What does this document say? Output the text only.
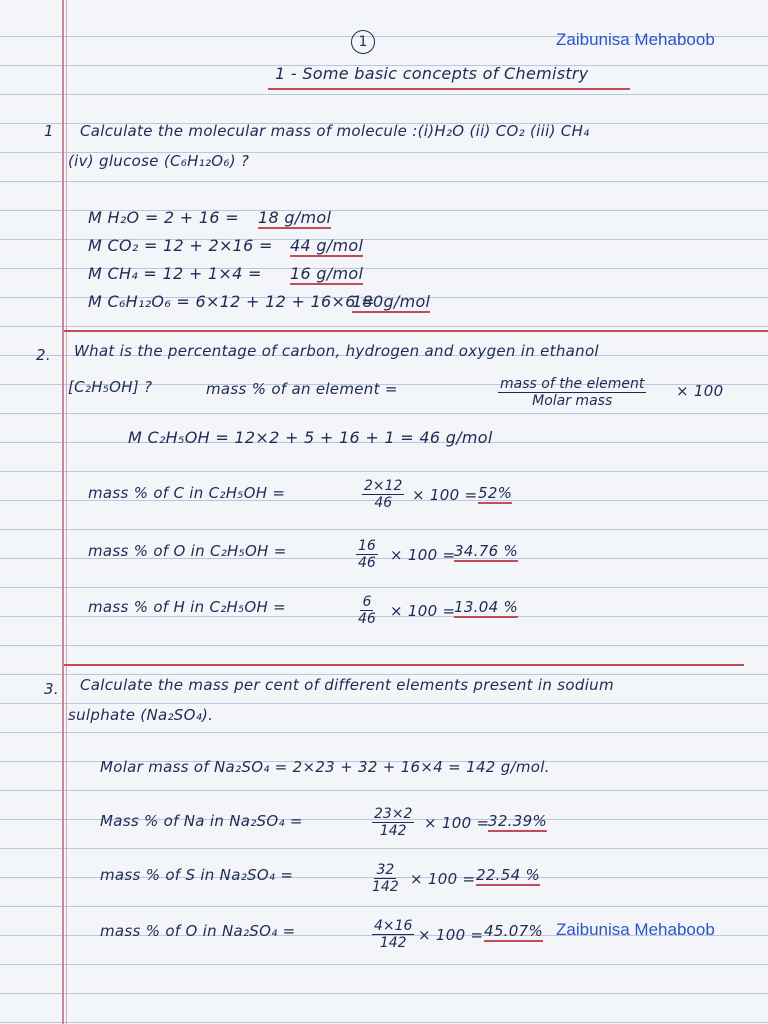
1	Zaibunisa Mehaboob
1 - Some basic concepts of Chemistry
1 Calculate the molecular mass of molecule :(i)H₂O (ii) CO₂ (iii) CH₄
(iv) glucose (C₆H₁₂O₆) ?
M H₂O = 2 + 16 = 18 g/mol
M CO₂ = 12 + 2×16 = 44 g/mol
M CH₄ = 12 + 1×4 = 16 g/mol
M C₆H₁₂O₆ = 6×12 + 12 + 16×6 =
180g/mol
2. What is the percentage of carbon, hydrogen and oxygen in ethanol
[C₂H₅OH] ?	mass % of an element =	mass of the element
Molar mass
× 100
M C₂H₅OH = 12×2 + 5 + 16 + 1 = 46 g/mol
mass % of C in C₂H₅OH =	$\frac{2\times 12}{46} \times 100 = 52\%$
mass % of O in C₂H₅OH =	$\frac{16}{46} \times 100$ =
34.76 %
mass % of H in C₂H₅OH =	$\frac{6}{46} \times 100$ =
13.04 %
3. Calculate the mass per cent of different elements present in sodium
sulphate (Na₂SO₄).
Molar mass of Na₂SO₄ = 2×23 + 32 + 16×4 = 142 g/mol.
Mass % of Na in Na₂SO₄ =	$\frac{23\times 2}{142} \times 100$ =
32.39%
mass % of S in Na₂SO₄ =	$\frac{32}{142} \times 100 = 22.54$ %
mass % of O in Na₂SO₄ =	$\frac{4\times 16}{142} \times 100 = 45.07\%$ Zaibunisa Mehaboob
